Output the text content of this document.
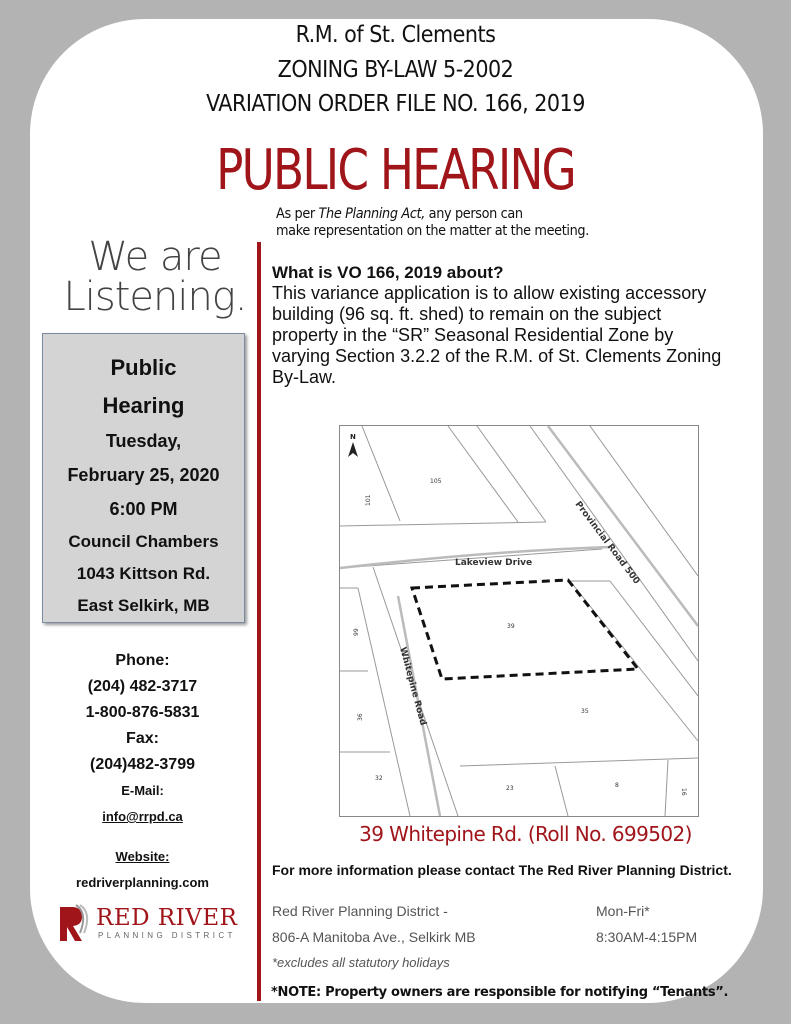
R.M. of St. Clements
ZONING BY-LAW 5-2002
VARIATION ORDER FILE NO. 166, 2019
PUBLIC HEARING
As per The Planning Act, any person can
make representation on the matter at the meeting.
We are
Listening.
Public
Hearing
Tuesday,
February 25, 2020
6:00 PM
Council Chambers
1043 Kittson Rd.
East Selkirk, MB
Phone:
(204) 482-3717
1-800-876-5831
Fax:
(204)482-3799
E-Mail:
info@rrpd.ca
Website:
redriverplanning.com
RED RIVER
PLANNING DISTRICT
What is VO 166, 2019 about?
This variance application is to allow existing accessory building (96 sq. ft. shed) to remain on the subject property in the “SR” Seasonal Residential Zone by varying Section 3.2.2 of the R.M. of St. Clements Zoning By-Law.
105
101
99
39
36
35
32
23	8
16
Lakeview Drive	Provincial Road 500
Whitepine Road
N
39 Whitepine Rd. (Roll No. 699502)
For more information please contact The Red River Planning District.
Red River Planning District -
806-A Manitoba Ave., Selkirk MB
Mon-Fri*
8:30AM-4:15PM
*excludes all statutory holidays
*NOTE: Property owners are responsible for notifying “Tenants”.
